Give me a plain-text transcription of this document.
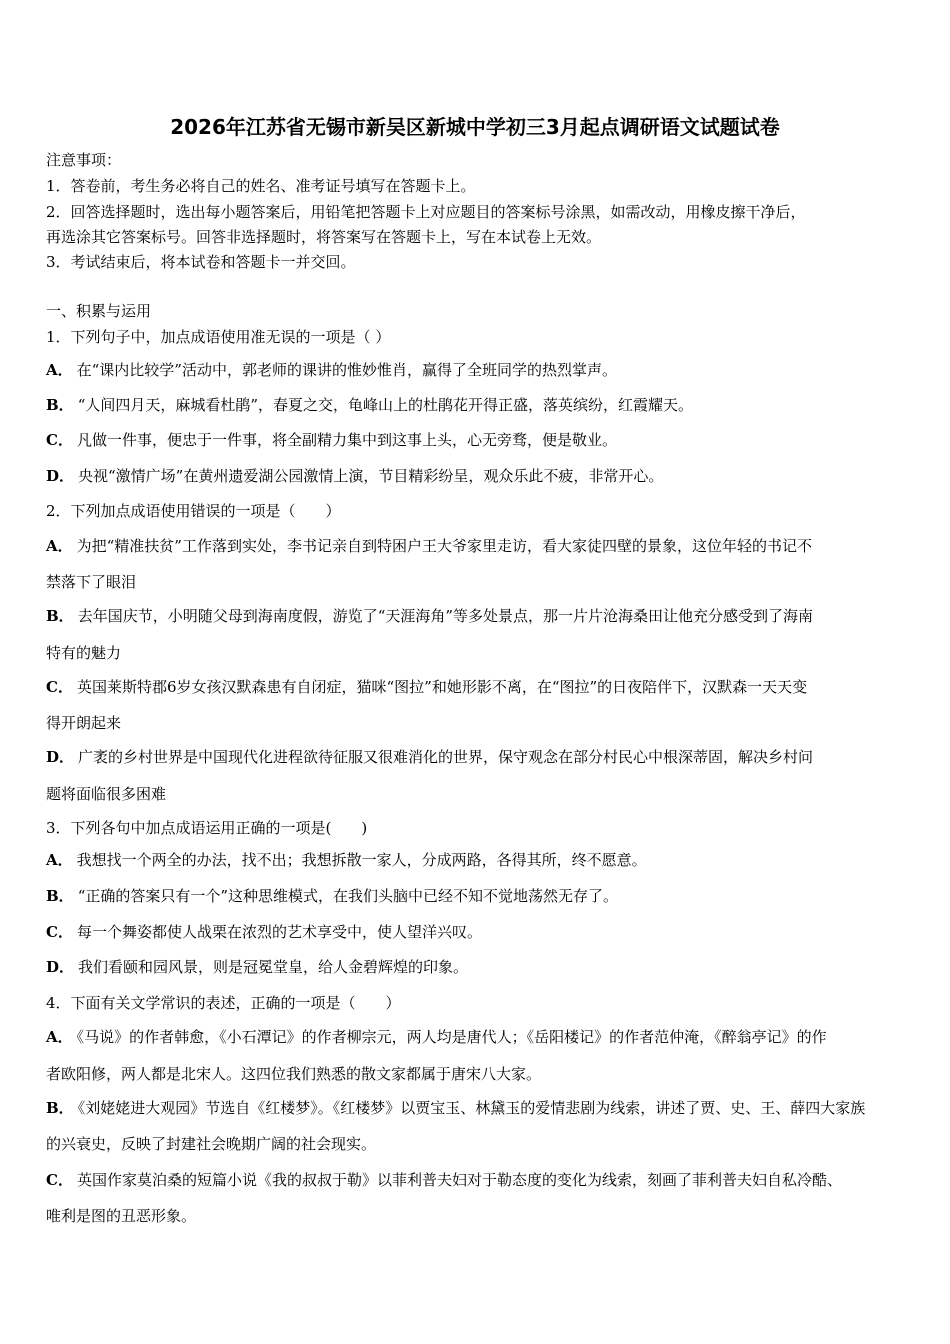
2026年江苏省无锡市新吴区新城中学初三3月起点调研语文试题试卷
注意事项：
1．答卷前，考生务必将自己的姓名、准考证号填写在答题卡上。
2．回答选择题时，选出每小题答案后，用铅笔把答题卡上对应题目的答案标号涂黑，如需改动，用橡皮擦干净后，
再选涂其它答案标号。回答非选择题时，将答案写在答题卡上，写在本试卷上无效。
3．考试结束后，将本试卷和答题卡一并交回。
一、积累与运用
1．下列句子中，加点成语使用准无误的一项是（ ）
A． 在“课内比较学”活动中，郭老师的课讲的惟妙惟肖，赢得了全班同学的热烈掌声。
B． “人间四月天，麻城看杜鹃”，春夏之交，龟峰山上的杜鹃花开得正盛，落英缤纷，红霞耀天。
C． 凡做一件事，便忠于一件事，将全副精力集中到这事上头，心无旁骛，便是敬业。
D． 央视“激情广场”在黄州遗爱湖公园激情上演，节目精彩纷呈，观众乐此不疲，非常开心。
2．下列加点成语使用错误的一项是（　　）
A． 为把“精准扶贫”工作落到实处，李书记亲自到特困户王大爷家里走访，看大家徒四壁的景象，这位年轻的书记不
禁落下了眼泪
B． 去年国庆节，小明随父母到海南度假，游览了“天涯海角”等多处景点，那一片片沧海桑田让他充分感受到了海南
特有的魅力
C． 英国莱斯特郡6岁女孩汉默森患有自闭症，猫咪“图拉”和她形影不离，在“图拉”的日夜陪伴下，汉默森一天天变
得开朗起来
D． 广袤的乡村世界是中国现代化进程欲待征服又很难消化的世界，保守观念在部分村民心中根深蒂固，解决乡村问
题将面临很多困难
3．下列各句中加点成语运用正确的一项是(　　)
A． 我想找一个两全的办法，找不出；我想拆散一家人，分成两路，各得其所，终不愿意。
B． “正确的答案只有一个”这种思维模式，在我们头脑中已经不知不觉地荡然无存了。
C． 每一个舞姿都使人战栗在浓烈的艺术享受中，使人望洋兴叹。
D． 我们看颐和园风景，则是冠冕堂皇，给人金碧辉煌的印象。
4．下面有关文学常识的表述，正确的一项是（　　）
A． 《马说》的作者韩愈，《小石潭记》的作者柳宗元，两人均是唐代人；《岳阳楼记》的作者范仲淹，《醉翁亭记》的作
者欧阳修，两人都是北宋人。这四位我们熟悉的散文家都属于唐宋八大家。
B． 《刘姥姥进大观园》节选自《红楼梦》。《红楼梦》以贾宝玉、林黛玉的爱情悲剧为线索，讲述了贾、史、王、薛四大家族
的兴衰史，反映了封建社会晚期广阔的社会现实。
C． 英国作家莫泊桑的短篇小说《我的叔叔于勒》以菲利普夫妇对于勒态度的变化为线索，刻画了菲利普夫妇自私冷酷、
唯利是图的丑恶形象。
